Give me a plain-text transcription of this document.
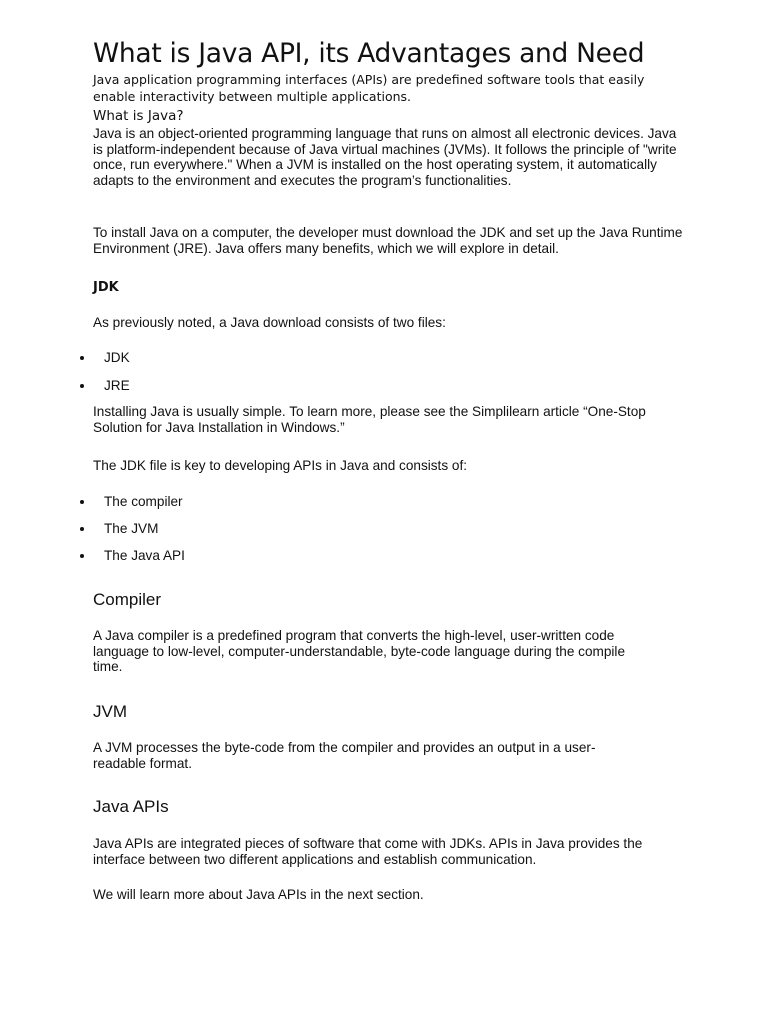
What is Java API, its Advantages and Need
Java application programming interfaces (APIs) are predefined software tools that easily enable interactivity between multiple applications.
What is Java?
Java is an object-oriented programming language that runs on almost all electronic devices. Java is platform-independent because of Java virtual machines (JVMs). It follows the principle of "write once, run everywhere." When a JVM is installed on the host operating system, it automatically adapts to the environment and executes the program’s functionalities.
To install Java on a computer, the developer must download the JDK and set up the Java Runtime Environment (JRE). Java offers many benefits, which we will explore in detail.
JDK
As previously noted, a Java download consists of two files:
JDK
JRE
Installing Java is usually simple. To learn more, please see the Simplilearn article “One-Stop Solution for Java Installation in Windows.”
The JDK file is key to developing APIs in Java and consists of:
The compiler
The JVM
The Java API
Compiler
A Java compiler is a predefined program that converts the high-level, user-written code language to low-level, computer-understandable, byte-code language during the compile time.
JVM
A JVM processes the byte-code from the compiler and provides an output in a user-readable format.
Java APIs
Java APIs are integrated pieces of software that come with JDKs. APIs in Java provides the interface between two different applications and establish communication.
We will learn more about Java APIs in the next section.
